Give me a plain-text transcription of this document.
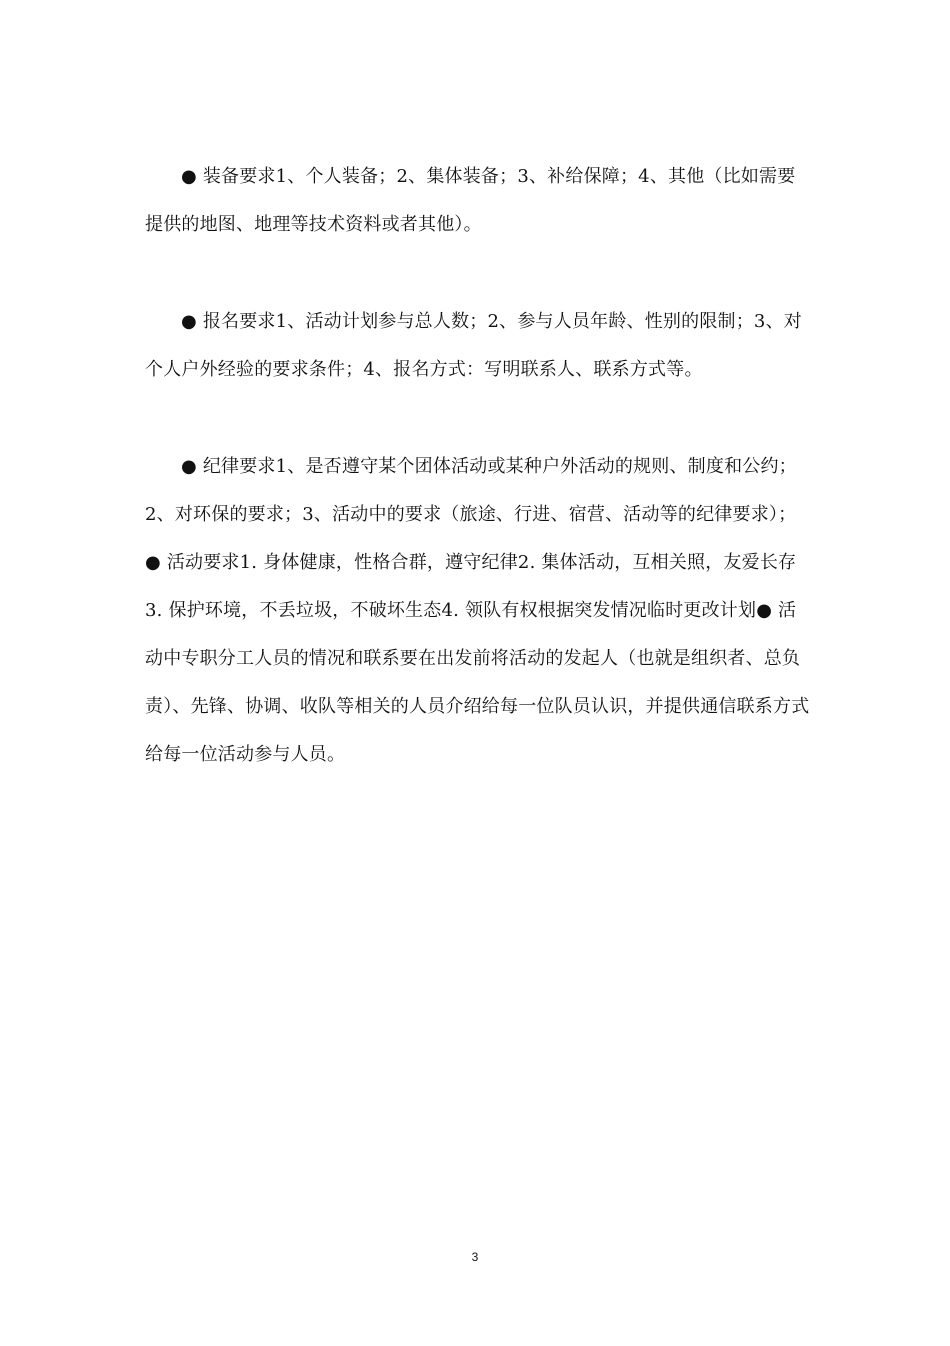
● 装备要求1、个人装备；2、集体装备；3、补给保障；4、其他（比如需要提供的地图、地理等技术资料或者其他）。

● 报名要求1、活动计划参与总人数；2、参与人员年龄、性别的限制；3、对个人户外经验的要求条件；4、报名方式：写明联系人、联系方式等。

● 纪律要求1、是否遵守某个团体活动或某种户外活动的规则、制度和公约；2、对环保的要求；3、活动中的要求（旅途、行进、宿营、活动等的纪律要求）；● 活动要求1. 身体健康，性格合群，遵守纪律2. 集体活动，互相关照，友爱长存3. 保护环境，不丢垃圾，不破坏生态4. 领队有权根据突发情况临时更改计划● 活动中专职分工人员的情况和联系要在出发前将活动的发起人（也就是组织者、总负责）、先锋、协调、收队等相关的人员介绍给每一位队员认识，并提供通信联系方式给每一位活动参与人员。

3
